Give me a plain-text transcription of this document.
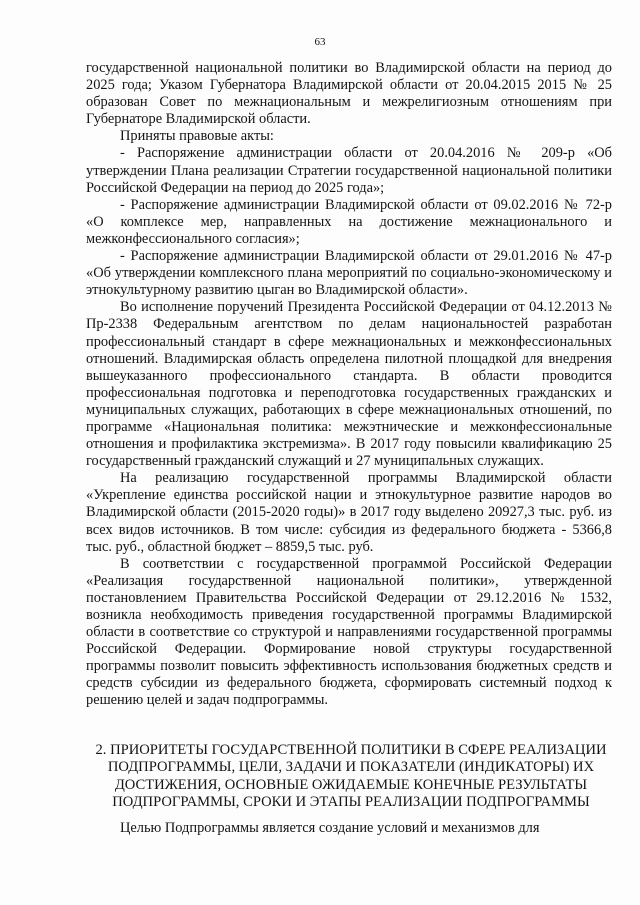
63

государственной национальной политики во Владимирской области на период до 2025 года; Указом Губернатора Владимирской области от 20.04.2015 2015 № 25 образован Совет по межнациональным и межрелигиозным отношениям при Губернаторе Владимирской области.

Приняты правовые акты:

- Распоряжение администрации области от 20.04.2016 № 209-р «Об утверждении Плана реализации Стратегии государственной национальной политики Российской Федерации на период до 2025 года»;

- Распоряжение администрации Владимирской области от 09.02.2016 № 72-р «О комплексе мер, направленных на достижение межнационального и межконфессионального согласия»;

- Распоряжение администрации Владимирской области от 29.01.2016 № 47-р «Об утверждении комплексного плана мероприятий по социально-экономическому и этнокультурному развитию цыган во Владимирской области».

Во исполнение поручений Президента Российской Федерации от 04.12.2013 № Пр-2338 Федеральным агентством по делам национальностей разработан профессиональный стандарт в сфере межнациональных и межконфессиональных отношений. Владимирская область определена пилотной площадкой для внедрения вышеуказанного профессионального стандарта. В области проводится профессиональная подготовка и переподготовка государственных гражданских и муниципальных служащих, работающих в сфере межнациональных отношений, по программе «Национальная политика: межэтнические и межконфессиональные отношения и профилактика экстремизма». В 2017 году повысили квалификацию 25 государственный гражданский служащий и 27 муниципальных служащих.

На реализацию государственной программы Владимирской области «Укрепление единства российской нации и этнокультурное развитие народов во Владимирской области (2015-2020 годы)» в 2017 году выделено 20927,3 тыс. руб. из всех видов источников. В том числе: субсидия из федерального бюджета - 5366,8 тыс. руб., областной бюджет – 8859,5 тыс. руб.

В соответствии с государственной программой Российской Федерации «Реализация государственной национальной политики», утвержденной постановлением Правительства Российской Федерации от 29.12.2016 № 1532, возникла необходимость приведения государственной программы Владимирской области в соответствие со структурой и направлениями государственной программы Российской Федерации. Формирование новой структуры государственной программы позволит повысить эффективность использования бюджетных средств и средств субсидии из федерального бюджета, сформировать системный подход к решению целей и задач подпрограммы.

2. ПРИОРИТЕТЫ ГОСУДАРСТВЕННОЙ ПОЛИТИКИ В СФЕРЕ РЕАЛИЗАЦИИ

ПОДПРОГРАММЫ, ЦЕЛИ, ЗАДАЧИ И ПОКАЗАТЕЛИ (ИНДИКАТОРЫ) ИХ

ДОСТИЖЕНИЯ, ОСНОВНЫЕ ОЖИДАЕМЫЕ КОНЕЧНЫЕ РЕЗУЛЬТАТЫ

ПОДПРОГРАММЫ, СРОКИ И ЭТАПЫ РЕАЛИЗАЦИИ ПОДПРОГРАММЫ

Целью Подпрограммы является создание условий и механизмов для
